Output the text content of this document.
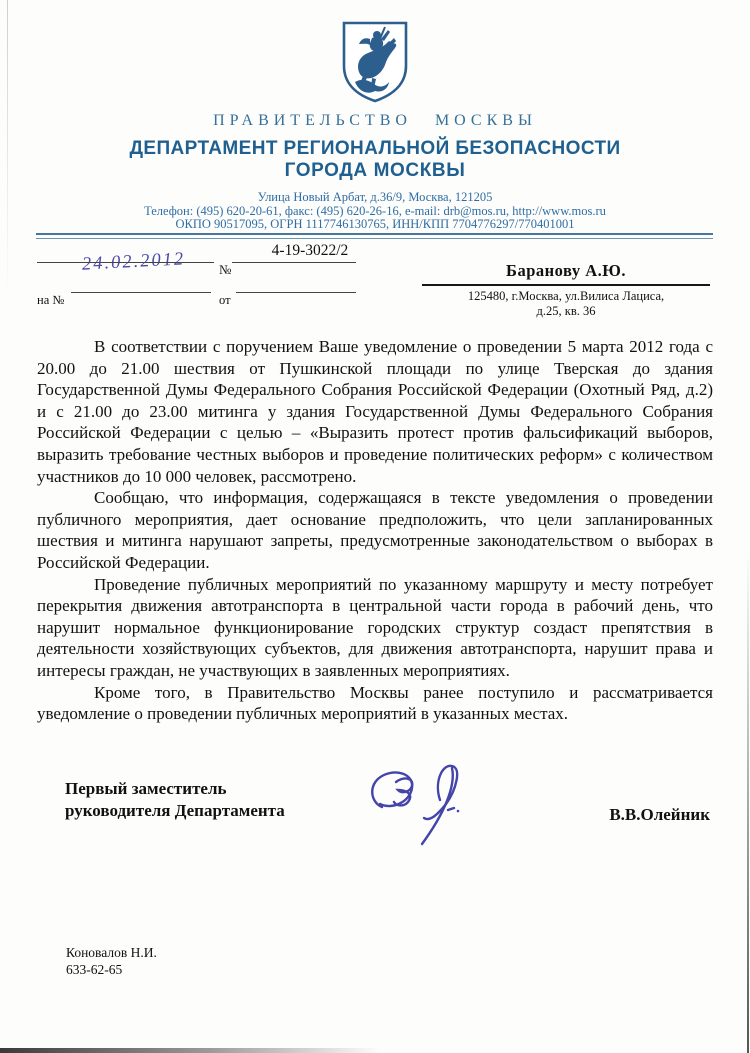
ПРАВИТЕЛЬСТВО МОСКВЫ
ДЕПАРТАМЕНТ РЕГИОНАЛЬНОЙ БЕЗОПАСНОСТИ
ГОРОДА МОСКВЫ
Улица Новый Арбат, д.36/9, Москва, 121205
Телефон: (495) 620-20-61, факс: (495) 620-26-16, e-mail: drb@mos.ru, http://www.mos.ru
ОКПО 90517095, ОГРН 1117746130765, ИНН/КПП 7704776297/770401001
4-19-3022/2
24.02.2012	№
на №	от
Баранову А.Ю.
125480, г.Москва, ул.Вилиса Лациса,
д.25, кв. 36

В соответствии с поручением Ваше уведомление о проведении 5 марта 2012 года с 20.00 до 21.00 шествия от Пушкинской площади по улице Тверская до здания Государственной Думы Федерального Собрания Российской Федерации (Охотный Ряд, д.2) и с 21.00 до 23.00 митинга у здания Государственной Думы Федерального Собрания Российской Федерации с целью – «Выразить протест против фальсификаций выборов, выразить требование честных выборов и проведение политических реформ» с количеством участников до 10 000 человек, рассмотрено.

Сообщаю, что информация, содержащаяся в тексте уведомления о проведении публичного мероприятия, дает основание предположить, что цели запланированных шествия и митинга нарушают запреты, предусмотренные законодательством о выборах в Российской Федерации.

Проведение публичных мероприятий по указанному маршруту и месту потребует перекрытия движения автотранспорта в центральной части города в рабочий день, что нарушит нормальное функционирование городских структур создаст препятствия в деятельности хозяйствующих субъектов, для движения автотранспорта, нарушит права и интересы граждан, не участвующих в заявленных мероприятиях.

Кроме того, в Правительство Москвы ранее поступило и рассматривается уведомление о проведении публичных мероприятий в указанных местах.

Первый заместитель
руководителя Департамента	В.В.Олейник
Коновалов Н.И.
633-62-65
